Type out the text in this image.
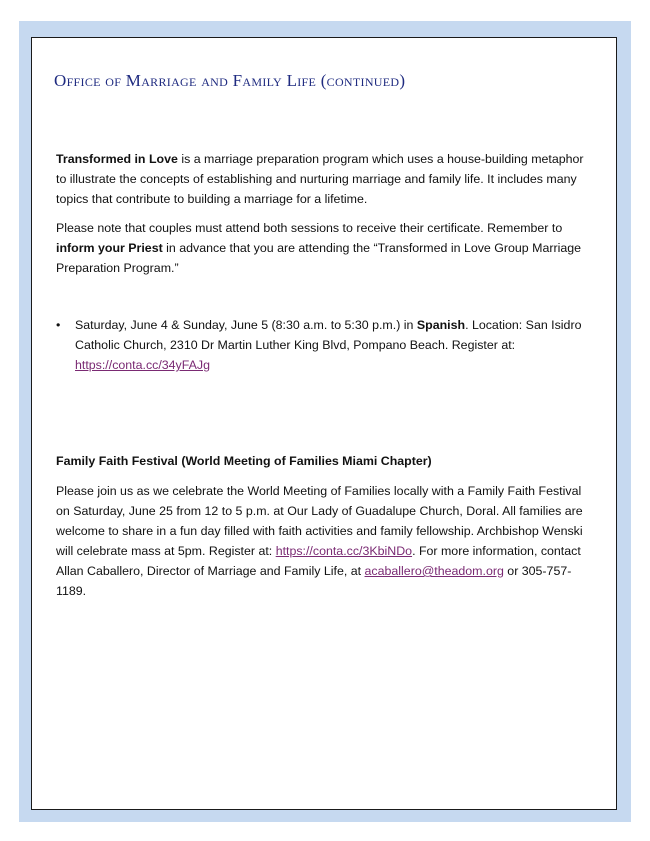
Office of Marriage and Family Life (continued)

Transformed in Love is a marriage preparation program which uses a house-building metaphor to illustrate the concepts of establishing and nurturing marriage and family life. It includes many topics that contribute to building a marriage for a lifetime.

Please note that couples must attend both sessions to receive their certificate. Remember to inform your Priest in advance that you are attending the “Transformed in Love Group Marriage Preparation Program.”

• Saturday, June 4 & Sunday, June 5 (8:30 a.m. to 5:30 p.m.) in Spanish. Location: San Isidro Catholic Church, 2310 Dr Martin Luther King Blvd, Pompano Beach. Register at: https://conta.cc/34yFAJg

Family Faith Festival (World Meeting of Families Miami Chapter)

Please join us as we celebrate the World Meeting of Families locally with a Family Faith Festival on Saturday, June 25 from 12 to 5 p.m. at Our Lady of Guadalupe Church, Doral. All families are welcome to share in a fun day filled with faith activities and family fellowship. Archbishop Wenski will celebrate mass at 5pm. Register at: https://conta.cc/3KbiNDo. For more information, contact Allan Caballero, Director of Marriage and Family Life, at acaballero@theadom.org or 305-757-1189.
